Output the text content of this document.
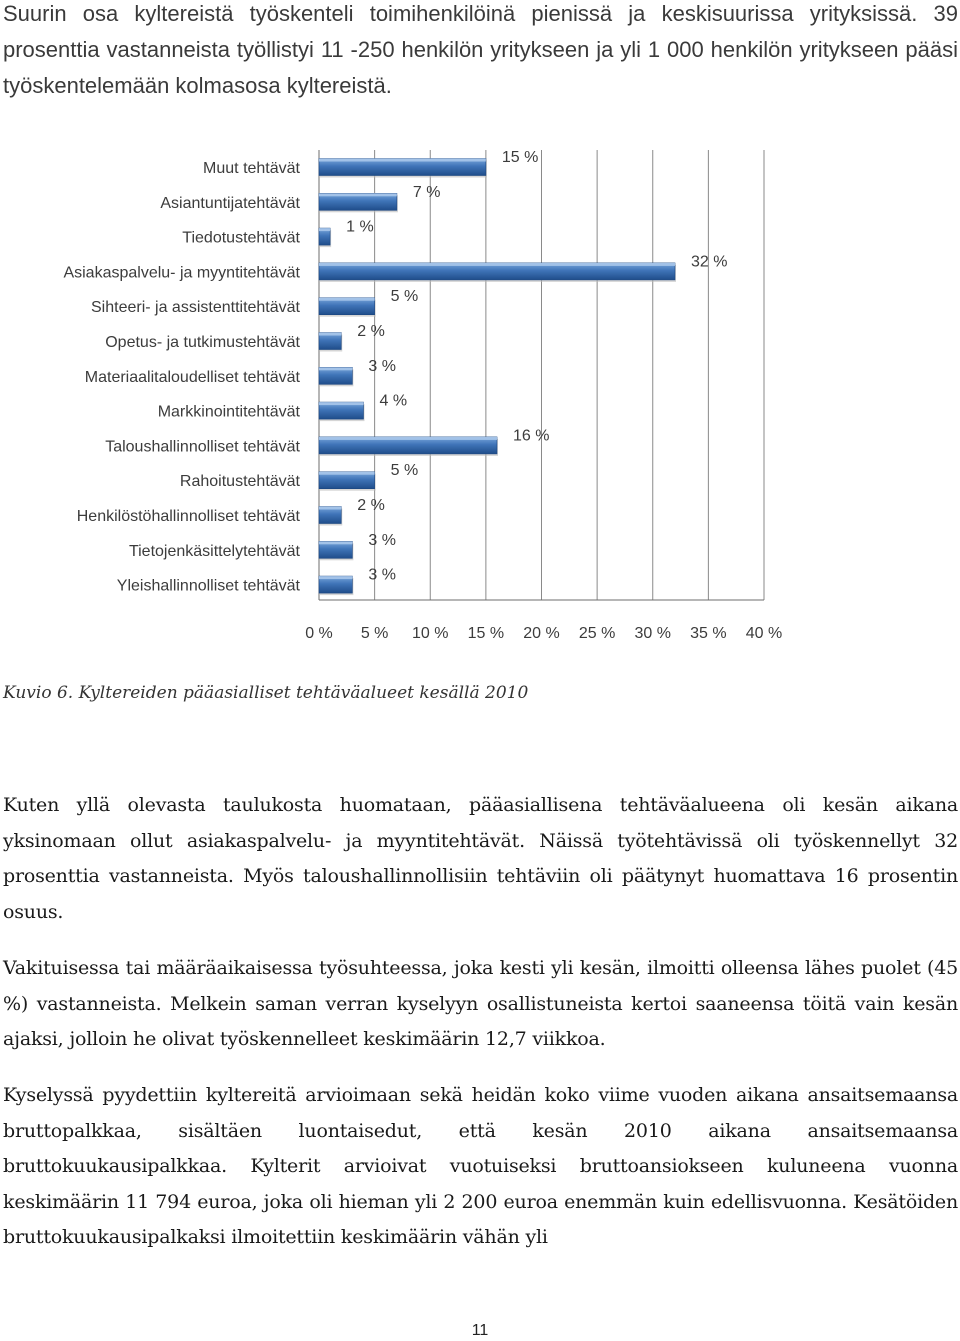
Suurin osa kyltereistä työskenteli toimihenkilöinä pienissä ja keskisuurissa yrityksissä. 39 prosenttia vastanneista työllistyi 11 -250 henkilön yritykseen ja yli 1 000 henkilön yritykseen pääsi työskentelemään kolmasosa kyltereistä.

0 % 5 % 10 % 15 % 20 % 25 % 30 % 35 % 40 %
Muut tehtävät
15 %
Asiantuntijatehtävät
7 %
Tiedotustehtävät
1 %
Asiakaspalvelu- ja myyntitehtävät
32 %
Sihteeri- ja assistenttitehtävät
5 %
Opetus- ja tutkimustehtävät
2 %
Materiaalitaloudelliset tehtävät
3 %
Markkinointitehtävät
4 %
Taloushallinnolliset tehtävät
16 %
Rahoitustehtävät
5 %
Henkilöstöhallinnolliset tehtävät
2 %
Tietojenkäsittelytehtävät
3 %
Yleishallinnolliset tehtävät
3 %

Kuvio 6. Kyltereiden pääasialliset tehtäväalueet kesällä 2010

Kuten yllä olevasta taulukosta huomataan, pääasiallisena tehtäväalueena oli kesän aikana yksinomaan ollut asiakaspalvelu- ja myyntitehtävät. Näissä työtehtävissä oli työskennellyt 32 prosenttia vastanneista. Myös taloushallinnollisiin tehtäviin oli päätynyt huomattava 16 prosentin osuus.

Vakituisessa tai määräaikaisessa työsuhteessa, joka kesti yli kesän, ilmoitti olleensa lähes puolet (45 %) vastanneista. Melkein saman verran kyselyyn osallistuneista kertoi saaneensa töitä vain kesän ajaksi, jolloin he olivat työskennelleet keskimäärin 12,7 viikkoa.

Kyselyssä pyydettiin kyltereitä arvioimaan sekä heidän koko viime vuoden aikana ansaitsemaansa bruttopalkkaa, sisältäen luontaisedut, että kesän 2010 aikana ansaitsemaansa bruttokuukausipalkkaa. Kylterit arvioivat vuotuiseksi bruttoansiokseen kuluneena vuonna keskimäärin 11 794 euroa, joka oli hieman yli 2 200 euroa enemmän kuin edellisvuonna. Kesätöiden bruttokuukausipalkaksi ilmoitettiin keskimäärin vähän yli

11
